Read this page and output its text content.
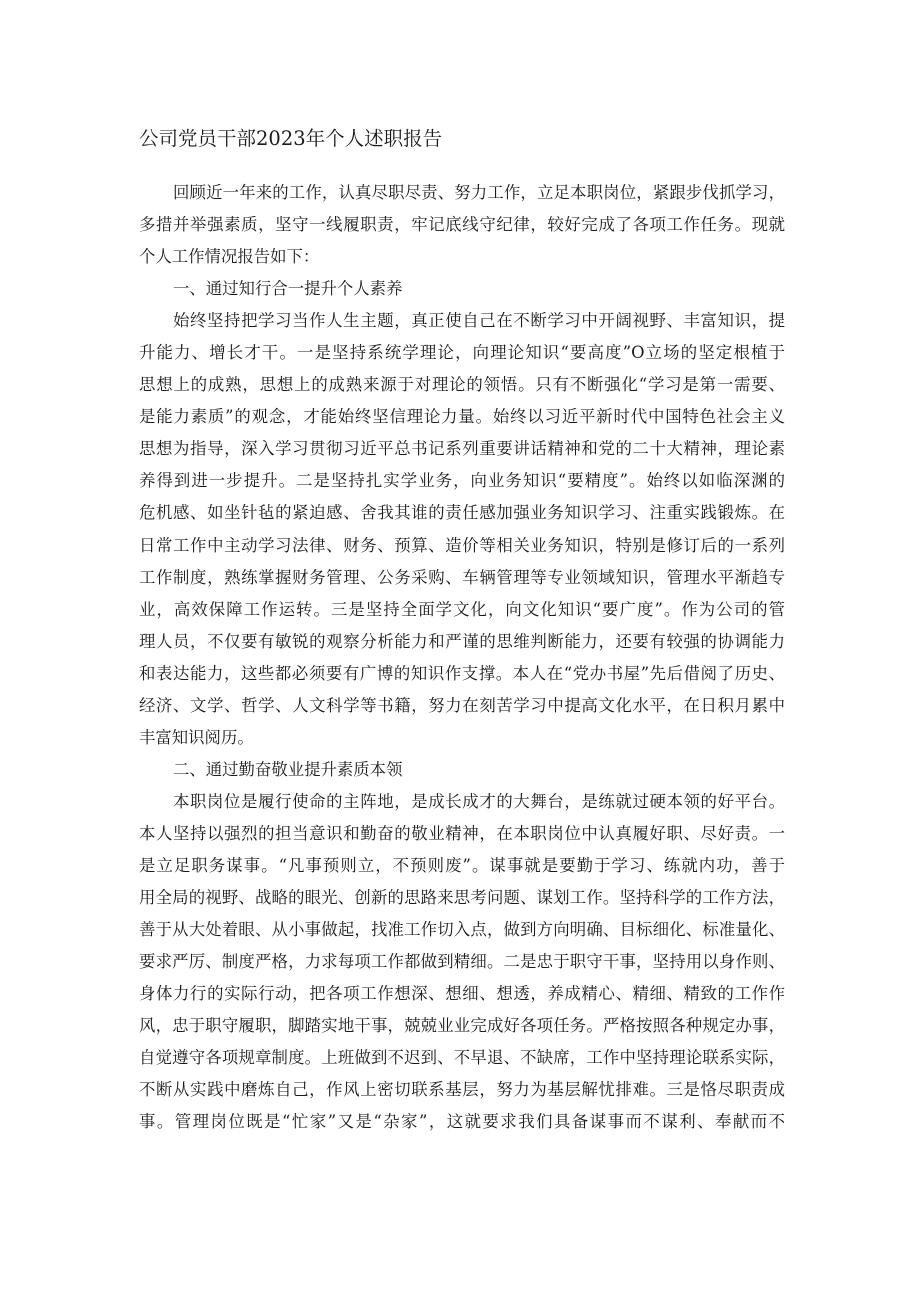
公司党员干部2023年个人述职报告
回顾近一年来的工作，认真尽职尽责、努力工作，立足本职岗位，紧跟步伐抓学习，
多措并举强素质，坚守一线履职责，牢记底线守纪律，较好完成了各项工作任务。现就
个人工作情况报告如下：
一、通过知行合一提升个人素养
始终坚持把学习当作人生主题，真正使自己在不断学习中开阔视野、丰富知识，提
升能力、增长才干。一是坚持系统学理论，向理论知识“要高度”O立场的坚定根植于
思想上的成熟，思想上的成熟来源于对理论的领悟。只有不断强化“学习是第一需要、
是能力素质”的观念，才能始终坚信理论力量。始终以习近平新时代中国特色社会主义
思想为指导，深入学习贯彻习近平总书记系列重要讲话精神和党的二十大精神，理论素
养得到进一步提升。二是坚持扎实学业务，向业务知识“要精度”。始终以如临深渊的
危机感、如坐针毡的紧迫感、舍我其谁的责任感加强业务知识学习、注重实践锻炼。在
日常工作中主动学习法律、财务、预算、造价等相关业务知识，特别是修订后的一系列
工作制度，熟练掌握财务管理、公务采购、车辆管理等专业领域知识，管理水平渐趋专
业，高效保障工作运转。三是坚持全面学文化，向文化知识“要广度”。作为公司的管
理人员，不仅要有敏锐的观察分析能力和严谨的思维判断能力，还要有较强的协调能力
和表达能力，这些都必须要有广博的知识作支撑。本人在“党办书屋”先后借阅了历史、
经济、文学、哲学、人文科学等书籍，努力在刻苦学习中提高文化水平，在日积月累中
丰富知识阅历。
二、通过勤奋敬业提升素质本领
本职岗位是履行使命的主阵地，是成长成才的大舞台，是练就过硬本领的好平台。
本人坚持以强烈的担当意识和勤奋的敬业精神，在本职岗位中认真履好职、尽好责。一
是立足职务谋事。“凡事预则立，不预则废”。谋事就是要勤于学习、练就内功，善于
用全局的视野、战略的眼光、创新的思路来思考问题、谋划工作。坚持科学的工作方法，
善于从大处着眼、从小事做起，找准工作切入点，做到方向明确、目标细化、标准量化、
要求严厉、制度严格，力求每项工作都做到精细。二是忠于职守干事，坚持用以身作则、
身体力行的实际行动，把各项工作想深、想细、想透，养成精心、精细、精致的工作作
风，忠于职守履职，脚踏实地干事，兢兢业业完成好各项任务。严格按照各种规定办事，
自觉遵守各项规章制度。上班做到不迟到、不早退、不缺席，工作中坚持理论联系实际，
不断从实践中磨炼自己，作风上密切联系基层，努力为基层解忧排难。三是恪尽职责成
事。管理岗位既是“忙家”又是“杂家”，这就要求我们具备谋事而不谋利、奉献而不
